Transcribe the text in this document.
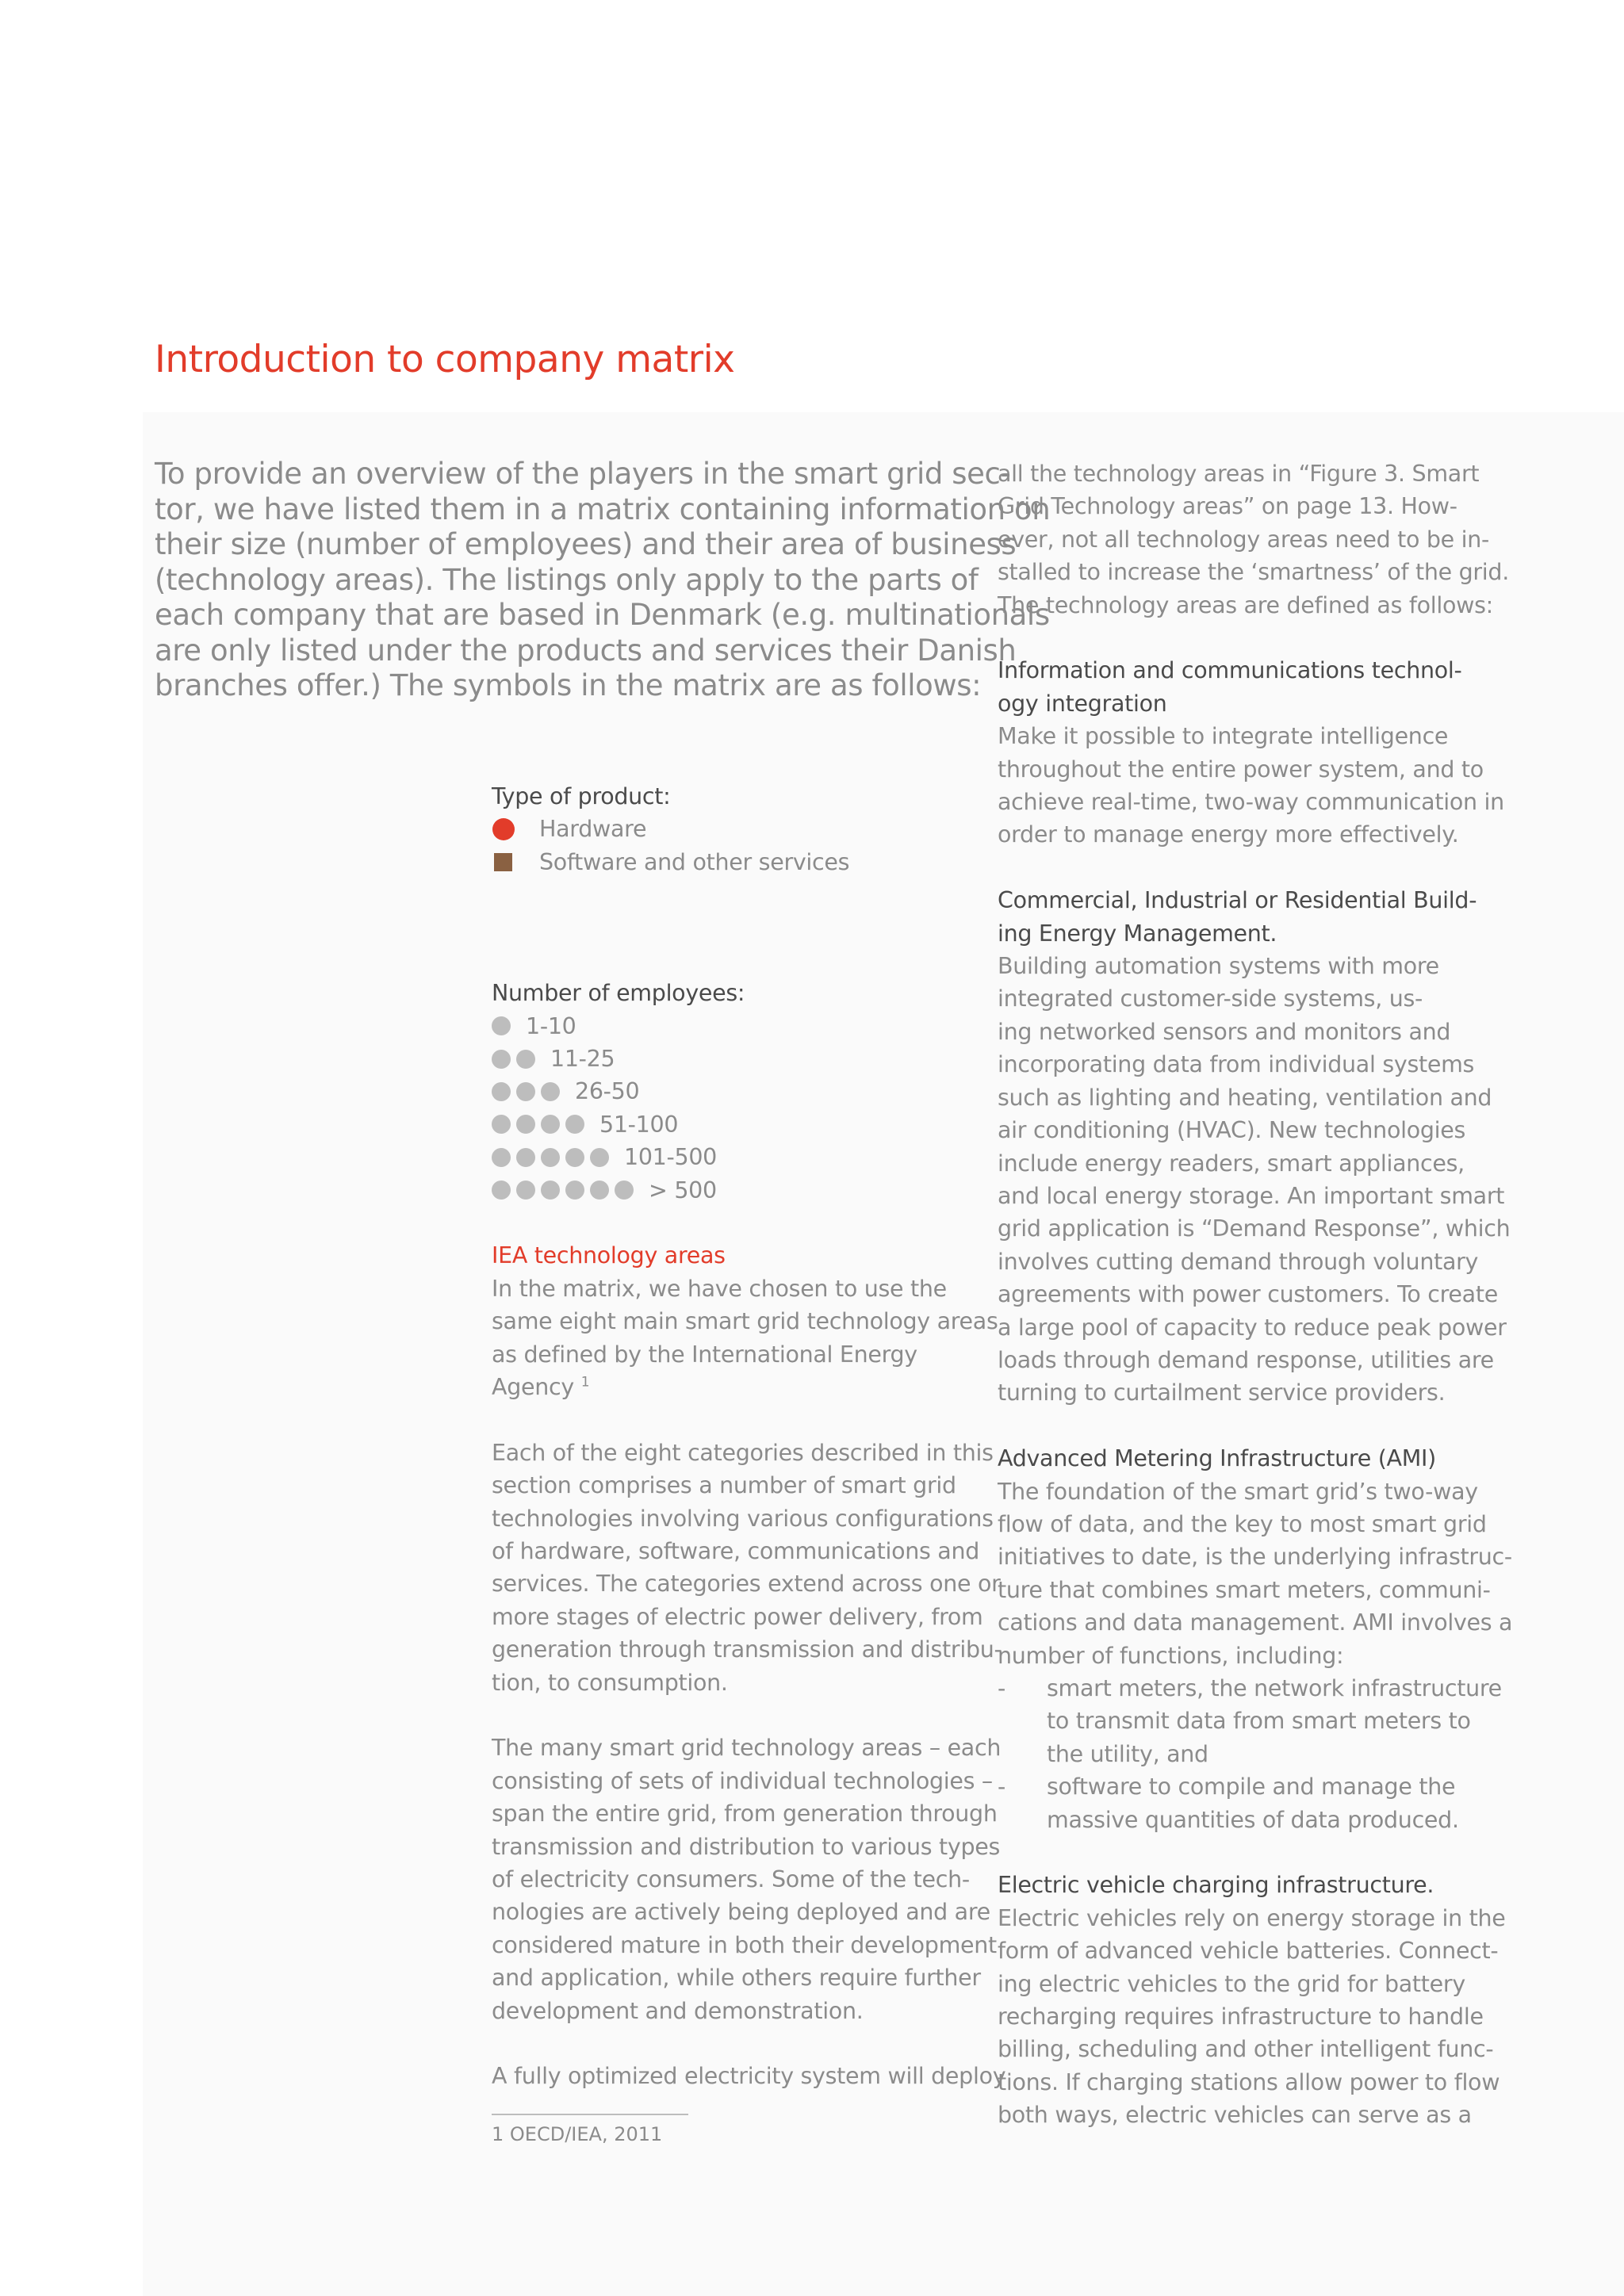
Introduction to company matrix
To provide an overview of the players in the smart grid sec-
tor, we have listed them in a matrix containing information on
their size (number of employees) and their area of business
(technology areas). The listings only apply to the parts of
each company that are based in Denmark (e.g. multinationals
are only listed under the products and services their Danish
branches offer.) The symbols in the matrix are as follows:
Type of product:
Hardware
Software and other services
Number of employees:
1-10
11-25
26-50
51-100
101-500
> 500
IEA technology areas
In the matrix, we have chosen to use the
same eight main smart grid technology areas
as defined by the International Energy
Agency $^1$
Each of the eight categories described in this
section comprises a number of smart grid
technologies involving various configurations
of hardware, software, communications and
services. The categories extend across one or
more stages of electric power delivery, from
generation through transmission and distribu-
tion, to consumption.
The many smart grid technology areas – each
consisting of sets of individual technologies –
span the entire grid, from generation through
transmission and distribution to various types
of electricity consumers. Some of the tech-
nologies are actively being deployed and are
considered mature in both their development
and application, while others require further
development and demonstration.
A fully optimized electricity system will deploy
1 OECD/IEA, 2011
all the technology areas in “Figure 3. Smart
Grid Technology areas” on page 13. How-
ever, not all technology areas need to be in-
stalled to increase the ‘smartness’ of the grid.
The technology areas are defined as follows:
Information and communications technol-
ogy integration
Make it possible to integrate intelligence
throughout the entire power system, and to
achieve real-time, two-way communication in
order to manage energy more effectively.
Commercial, Industrial or Residential Build-
ing Energy Management.
Building automation systems with more
integrated customer-side systems, us-
ing networked sensors and monitors and
incorporating data from individual systems
such as lighting and heating, ventilation and
air conditioning (HVAC). New technologies
include energy readers, smart appliances,
and local energy storage. An important smart
grid application is “Demand Response”, which
involves cutting demand through voluntary
agreements with power customers. To create
a large pool of capacity to reduce peak power
loads through demand response, utilities are
turning to curtailment service providers.
Advanced Metering Infrastructure (AMI)
The foundation of the smart grid’s two-way
flow of data, and the key to most smart grid
initiatives to date, is the underlying infrastruc-
ture that combines smart meters, communi-
cations and data management. AMI involves a
number of functions, including:
-	smart meters, the network infrastructure
to transmit data from smart meters to
the utility, and
-	software to compile and manage the
massive quantities of data produced.
Electric vehicle charging infrastructure.
Electric vehicles rely on energy storage in the
form of advanced vehicle batteries. Connect-
ing electric vehicles to the grid for battery
recharging requires infrastructure to handle
billing, scheduling and other intelligent func-
tions. If charging stations allow power to flow
both ways, electric vehicles can serve as a
